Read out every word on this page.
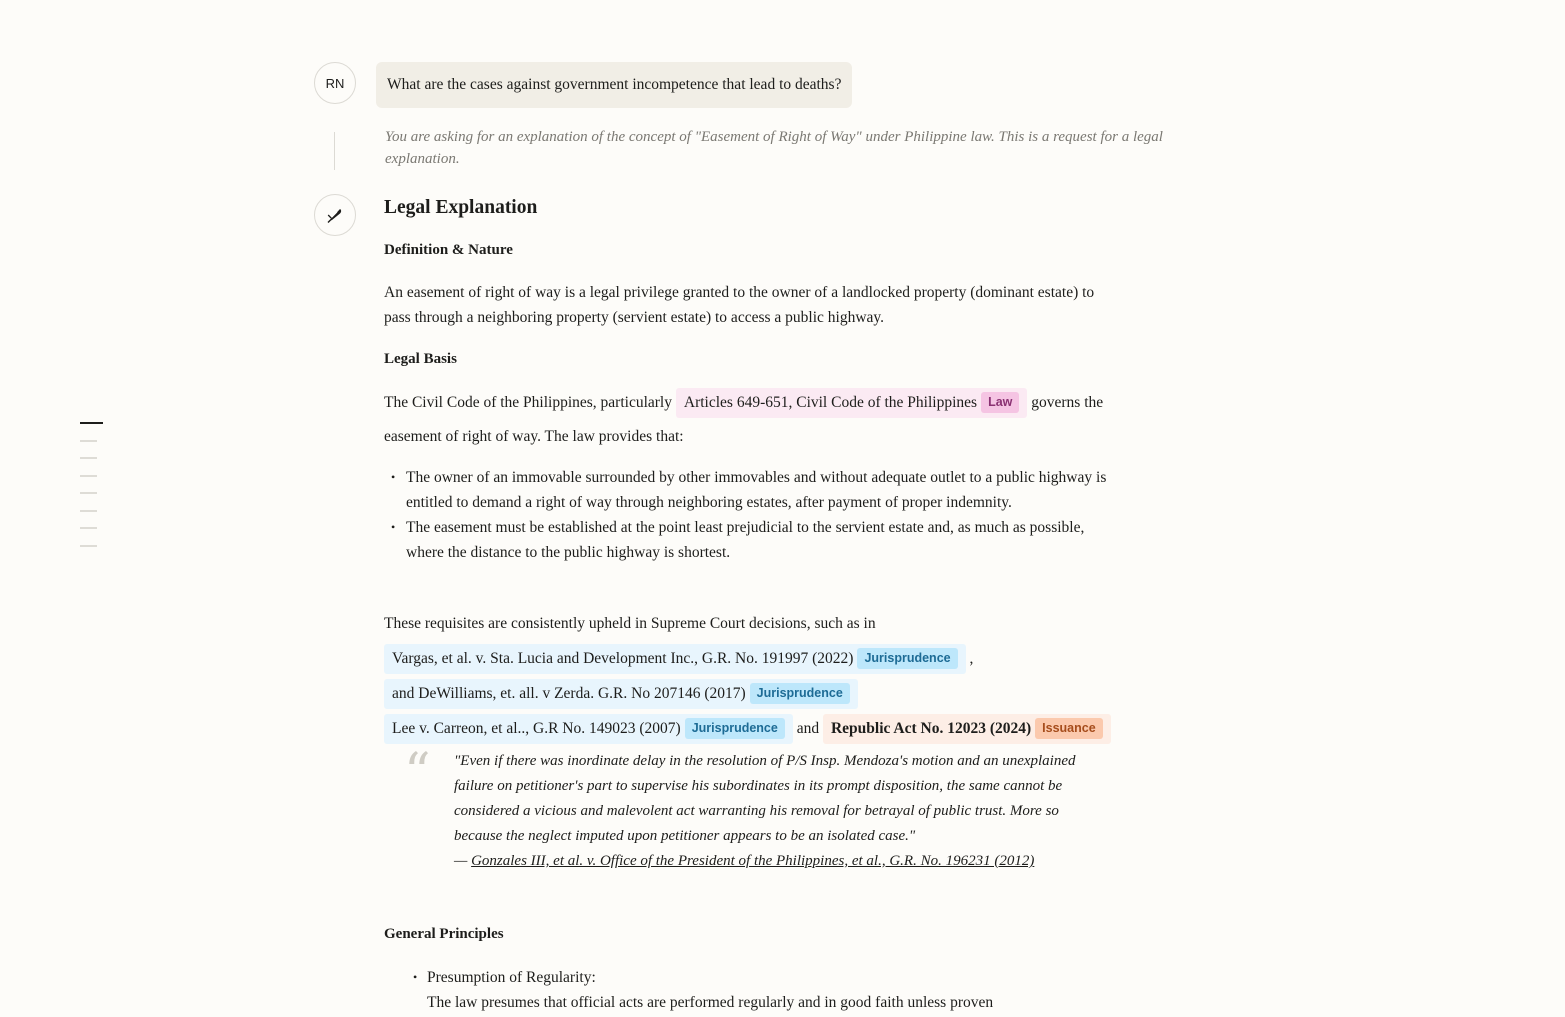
RN	What are the cases against government incompetence that lead to deaths?

You are asking for an explanation of the concept of "Easement of Right of Way" under Philippine law. This is a request for a legal explanation.

Legal Explanation
Definition & Nature

An easement of right of way is a legal privilege granted to the owner of a landlocked property (dominant estate) to pass through a neighboring property (servient estate) to access a public highway.

Legal Basis

The Civil Code of the Philippines, particularly Articles 649-651, Civil Code of the Philippines Law governs the easement of right of way. The law provides that:

• The owner of an immovable surrounded by other immovables and without adequate outlet to a public highway is entitled to demand a right of way through neighboring estates, after payment of proper indemnity.
• The easement must be established at the point least prejudicial to the servient estate and, as much as possible, where the distance to the public highway is shortest.

These requisites are consistently upheld in Supreme Court decisions, such as in Vargas, et al. v. Sta. Lucia and Development Inc., G.R. No. 191997 (2022) Jurisprudence , and DeWilliams, et. all. v Zerda. G.R. No 207146 (2017) Jurisprudence Lee v. Carreon, et al.., G.R No. 149023 (2007) Jurisprudence and Republic Act No. 12023 (2024) Issuance

“ "Even if there was inordinate delay in the resolution of P/S Insp. Mendoza's motion and an unexplained failure on petitioner's part to supervise his subordinates in its prompt disposition, the same cannot be considered a vicious and malevolent act warranting his removal for betrayal of public trust. More so because the neglect imputed upon petitioner appears to be an isolated case."
— Gonzales III, et al. v. Office of the President of the Philippines, et al., G.R. No. 196231 (2012)
General Principles
• Presumption of Regularity:
The law presumes that official acts are performed regularly and in good faith unless proven
